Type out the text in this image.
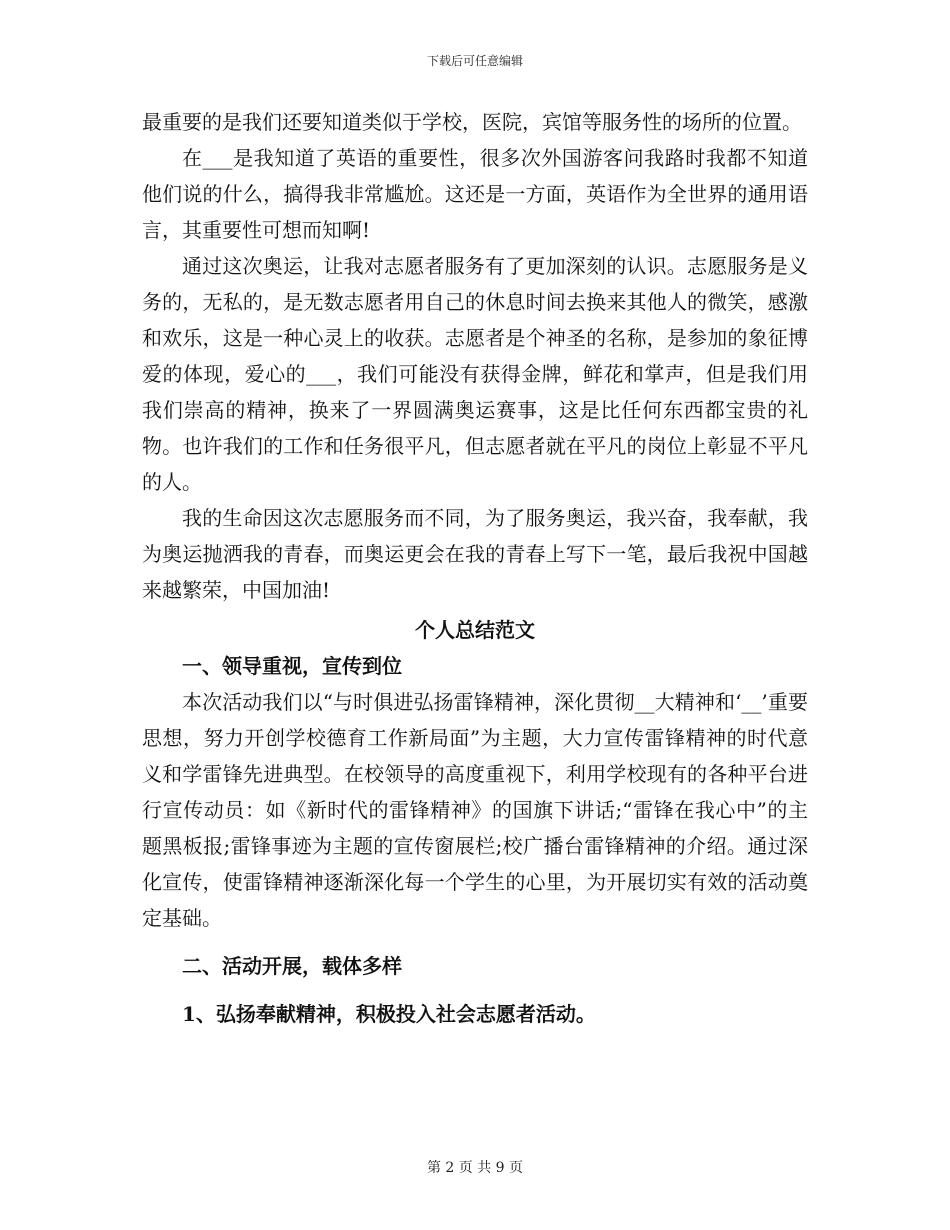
下载后可任意编辑

最重要的是我们还要知道类似于学校，医院，宾馆等服务性的场所的位置。

在___是我知道了英语的重要性，很多次外国游客问我路时我都不知道他们说的什么，搞得我非常尴尬。这还是一方面，英语作为全世界的通用语言，其重要性可想而知啊!

通过这次奥运，让我对志愿者服务有了更加深刻的认识。志愿服务是义务的，无私的，是无数志愿者用自己的休息时间去换来其他人的微笑，感激和欢乐，这是一种心灵上的收获。志愿者是个神圣的名称，是参加的象征博爱的体现，爱心的___，我们可能没有获得金牌，鲜花和掌声，但是我们用我们崇高的精神，换来了一界圆满奥运赛事，这是比任何东西都宝贵的礼物。也许我们的工作和任务很平凡，但志愿者就在平凡的岗位上彰显不平凡的人。

我的生命因这次志愿服务而不同，为了服务奥运，我兴奋，我奉献，我为奥运抛洒我的青春，而奥运更会在我的青春上写下一笔，最后我祝中国越来越繁荣，中国加油!

个人总结范文

一、领导重视，宣传到位

本次活动我们以“与时俱进弘扬雷锋精神，深化贯彻__大精神和‘__’重要思想，努力开创学校德育工作新局面”为主题，大力宣传雷锋精神的时代意义和学雷锋先进典型。在校领导的高度重视下，利用学校现有的各种平台进行宣传动员：如《新时代的雷锋精神》的国旗下讲话;“雷锋在我心中”的主题黑板报;雷锋事迹为主题的宣传窗展栏;校广播台雷锋精神的介绍。通过深化宣传，使雷锋精神逐渐深化每一个学生的心里，为开展切实有效的活动奠定基础。

二、活动开展，载体多样

1、弘扬奉献精神，积极投入社会志愿者活动。

第 2 页 共 9 页
